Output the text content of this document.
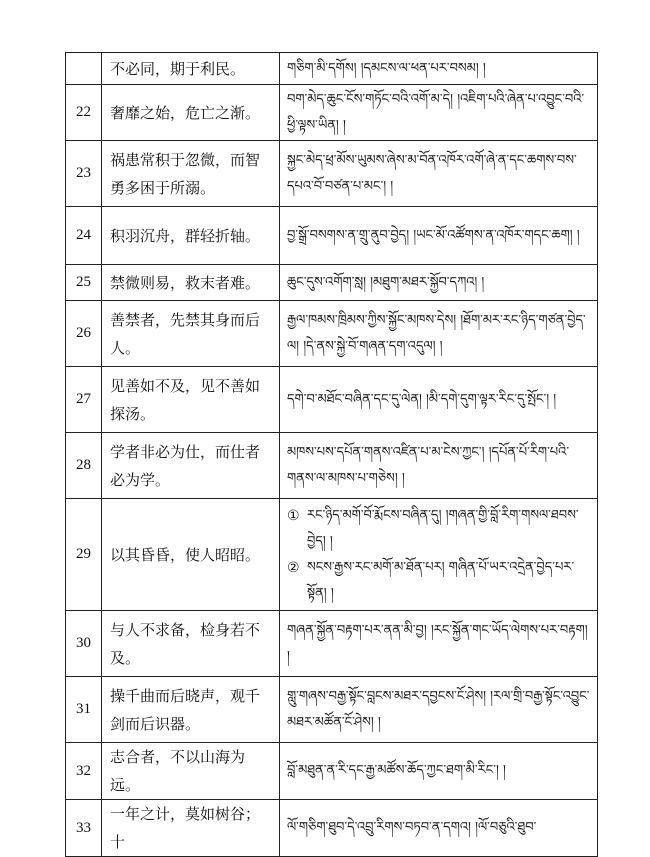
	不必同，期于利民。	གཅིག་མི་དགོས། །དམངས་ལ་ཕན་པར་བསམ། །
22	奢靡之始，危亡之渐。	བག་མེད་ཆུང་ངོས་གཏོང་བའི་འགོ་མ་དེ། །འཇིག་པའི་ཞེན་པ་འབྱུང་བའི་ཕྱི་ལྟས་ཡིན། །
23	祸患常积于忽微，而智勇多困于所溺。	སྐྱང་མེད་ཕྲ་མོས་ཡུམས་ཞེས་མ་བོན་འཁོར་འགོ་ཞེ་ན་དང་ཆགས་བས་དཔའ་བོ་བཙན་པ་མང་། །
24	积羽沉舟，群轻折轴。	བྱ་སྒྲོ་བསགས་ན་གྲུ་ནུབ་བྱེད། །ཡང་མོ་འཚོགས་ན་འཁོར་གདང་ཆག། །
25	禁微则易，救末者难。	ཆུང་དུས་འགོག་སླ། །མཐུག་མཐར་སྐྱོབ་དཀའ། །
26	善禁者，先禁其身而后人。	རྒྱལ་ཁམས་ཁྲིམས་ཀྱིས་སྐྱོང་མཁས་དེས། །ཐོག་མར་རང་ཉིད་གཙན་བྱེད་ལ། །དེ་ནས་སྐྱེ་བོ་གཞན་དག་འདུལ། །
27	见善如不及，见不善如探汤。	དགེ་བ་མཐོང་བཞིན་དང་དུ་ལེན། །མི་དགེ་དུག་ལྟར་རིང་དུ་སྤོང་། །
28	学者非必为仕，而仕者必为学。	མཁས་པས་དཔོན་གནས་འཛིན་པ་མ་ངེས་ཀྱང་། །དཔོན་པོ་རིག་པའི་གནས་ལ་མཁས་པ་གཅེས། །
29	以其昏昏，使人昭昭。	① རང་ཉིད་མགོ་བོ་རྨོངས་བཞིན་དུ། །གཞན་གྱི་བློ་རིག་གསལ་ཐབས་བྱེད། །
② སངས་རྒྱས་རང་མགོ་མ་ཐོན་པར། གཞིན་པོ་ཡར་འདྲེན་བྱེད་པར་སྟོན། །

30	与人不求备，检身若不及。	གཞན་སྐྱོན་བརྟག་པར་ནན་མི་བྱ། །རང་སྐྱོན་གང་ཡོད་ལེགས་པར་བརྟག། །
31	操千曲而后晓声，观千剑而后识器。	གླུ་གཞས་བརྒྱ་སྟོང་བླངས་མཐར་དབྱངས་ངོ་ཤེས། །རལ་གྲི་བརྒྱ་སྟོང་འབྱུང་མཐར་མཚོན་ངོ་ཤེས། །
32	志合者，不以山海为远。	བློ་མཐུན་ན་རི་དང་རྒྱ་མཚོས་ཆོད་ཀྱང་ཐག་མི་རིང་། །
33	一年之计，莫如树谷；十	ལོ་གཅིག་ཐུབ་དེ་འབྲུ་རིགས་བཏབ་ན་དགའ། །ལོ་བཅུའི་ཐུབ་
